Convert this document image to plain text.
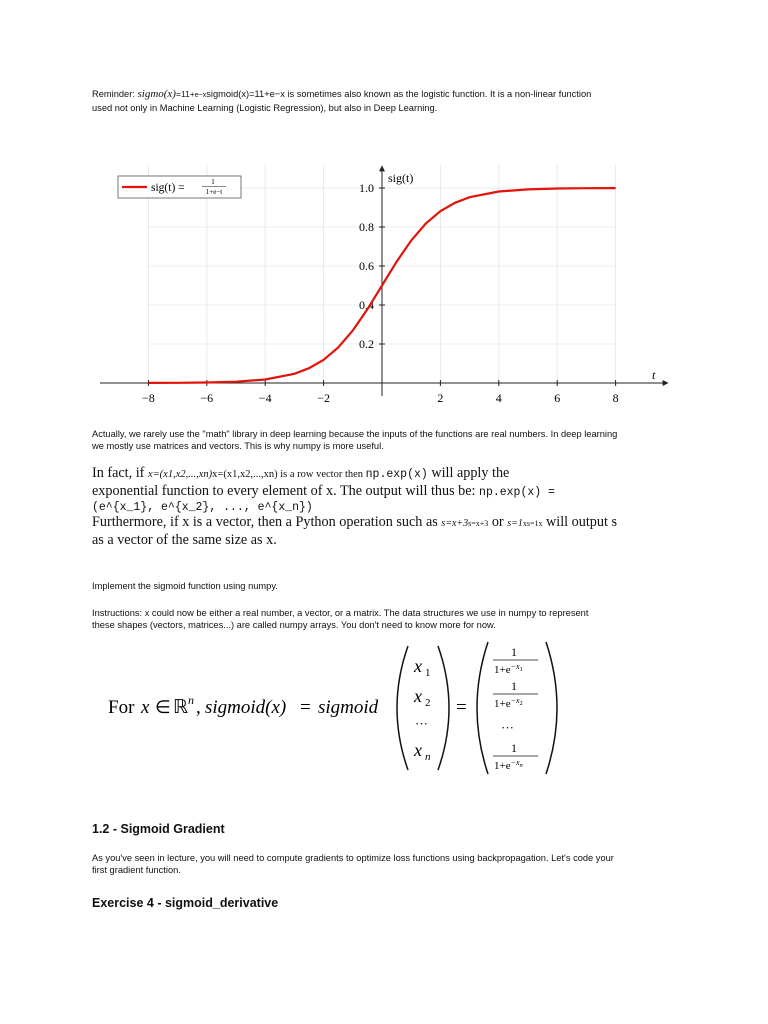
Reminder: sigmo(x)=11+e−xsigmoid(x)=11+e−x is sometimes also known as the logistic function. It is a non-linear function
used not only in Machine Learning (Logistic Regression), but also in Deep Learning.
−8	−6	−4	−2	2	4	6	8
0.2
0.4
0.6
0.8
1.0
sig(t)
t
sig(t) =
1
1+e−t
Actually, we rarely use the "math" library in deep learning because the inputs of the functions are real numbers. In deep learning
we mostly use matrices and vectors. This is why numpy is more useful.
In fact, if x=(x1,x2,...,xn)x=(x1,x2,...,xn) is a row vector then np.exp(x) will apply the
exponential function to every element of x. The output will thus be: np.exp(x) =
(e^{x_1}, e^{x_2}, ..., e^{x_n})
Furthermore, if x is a vector, then a Python operation such as s=x+3s=x+3 or s=1xs=1x will output s
as a vector of the same size as x.
Implement the sigmoid function using numpy.
Instructions: x could now be either a real number, a vector, or a matrix. The data structures we use in numpy to represent
these shapes (vectors, matrices...) are called numpy arrays. You don't need to know more for now.
For x ∈ ℝ n , sigmoid(x) = sigmoid
x 1
x 2
···
x n
=
1
$1+e^{-x}1$
1
$1+e^{-x}2$
···
1
$1+e^{-x}n$
1.2 - Sigmoid Gradient
As you've seen in lecture, you will need to compute gradients to optimize loss functions using backpropagation. Let's code your
first gradient function.
Exercise 4 - sigmoid_derivative
